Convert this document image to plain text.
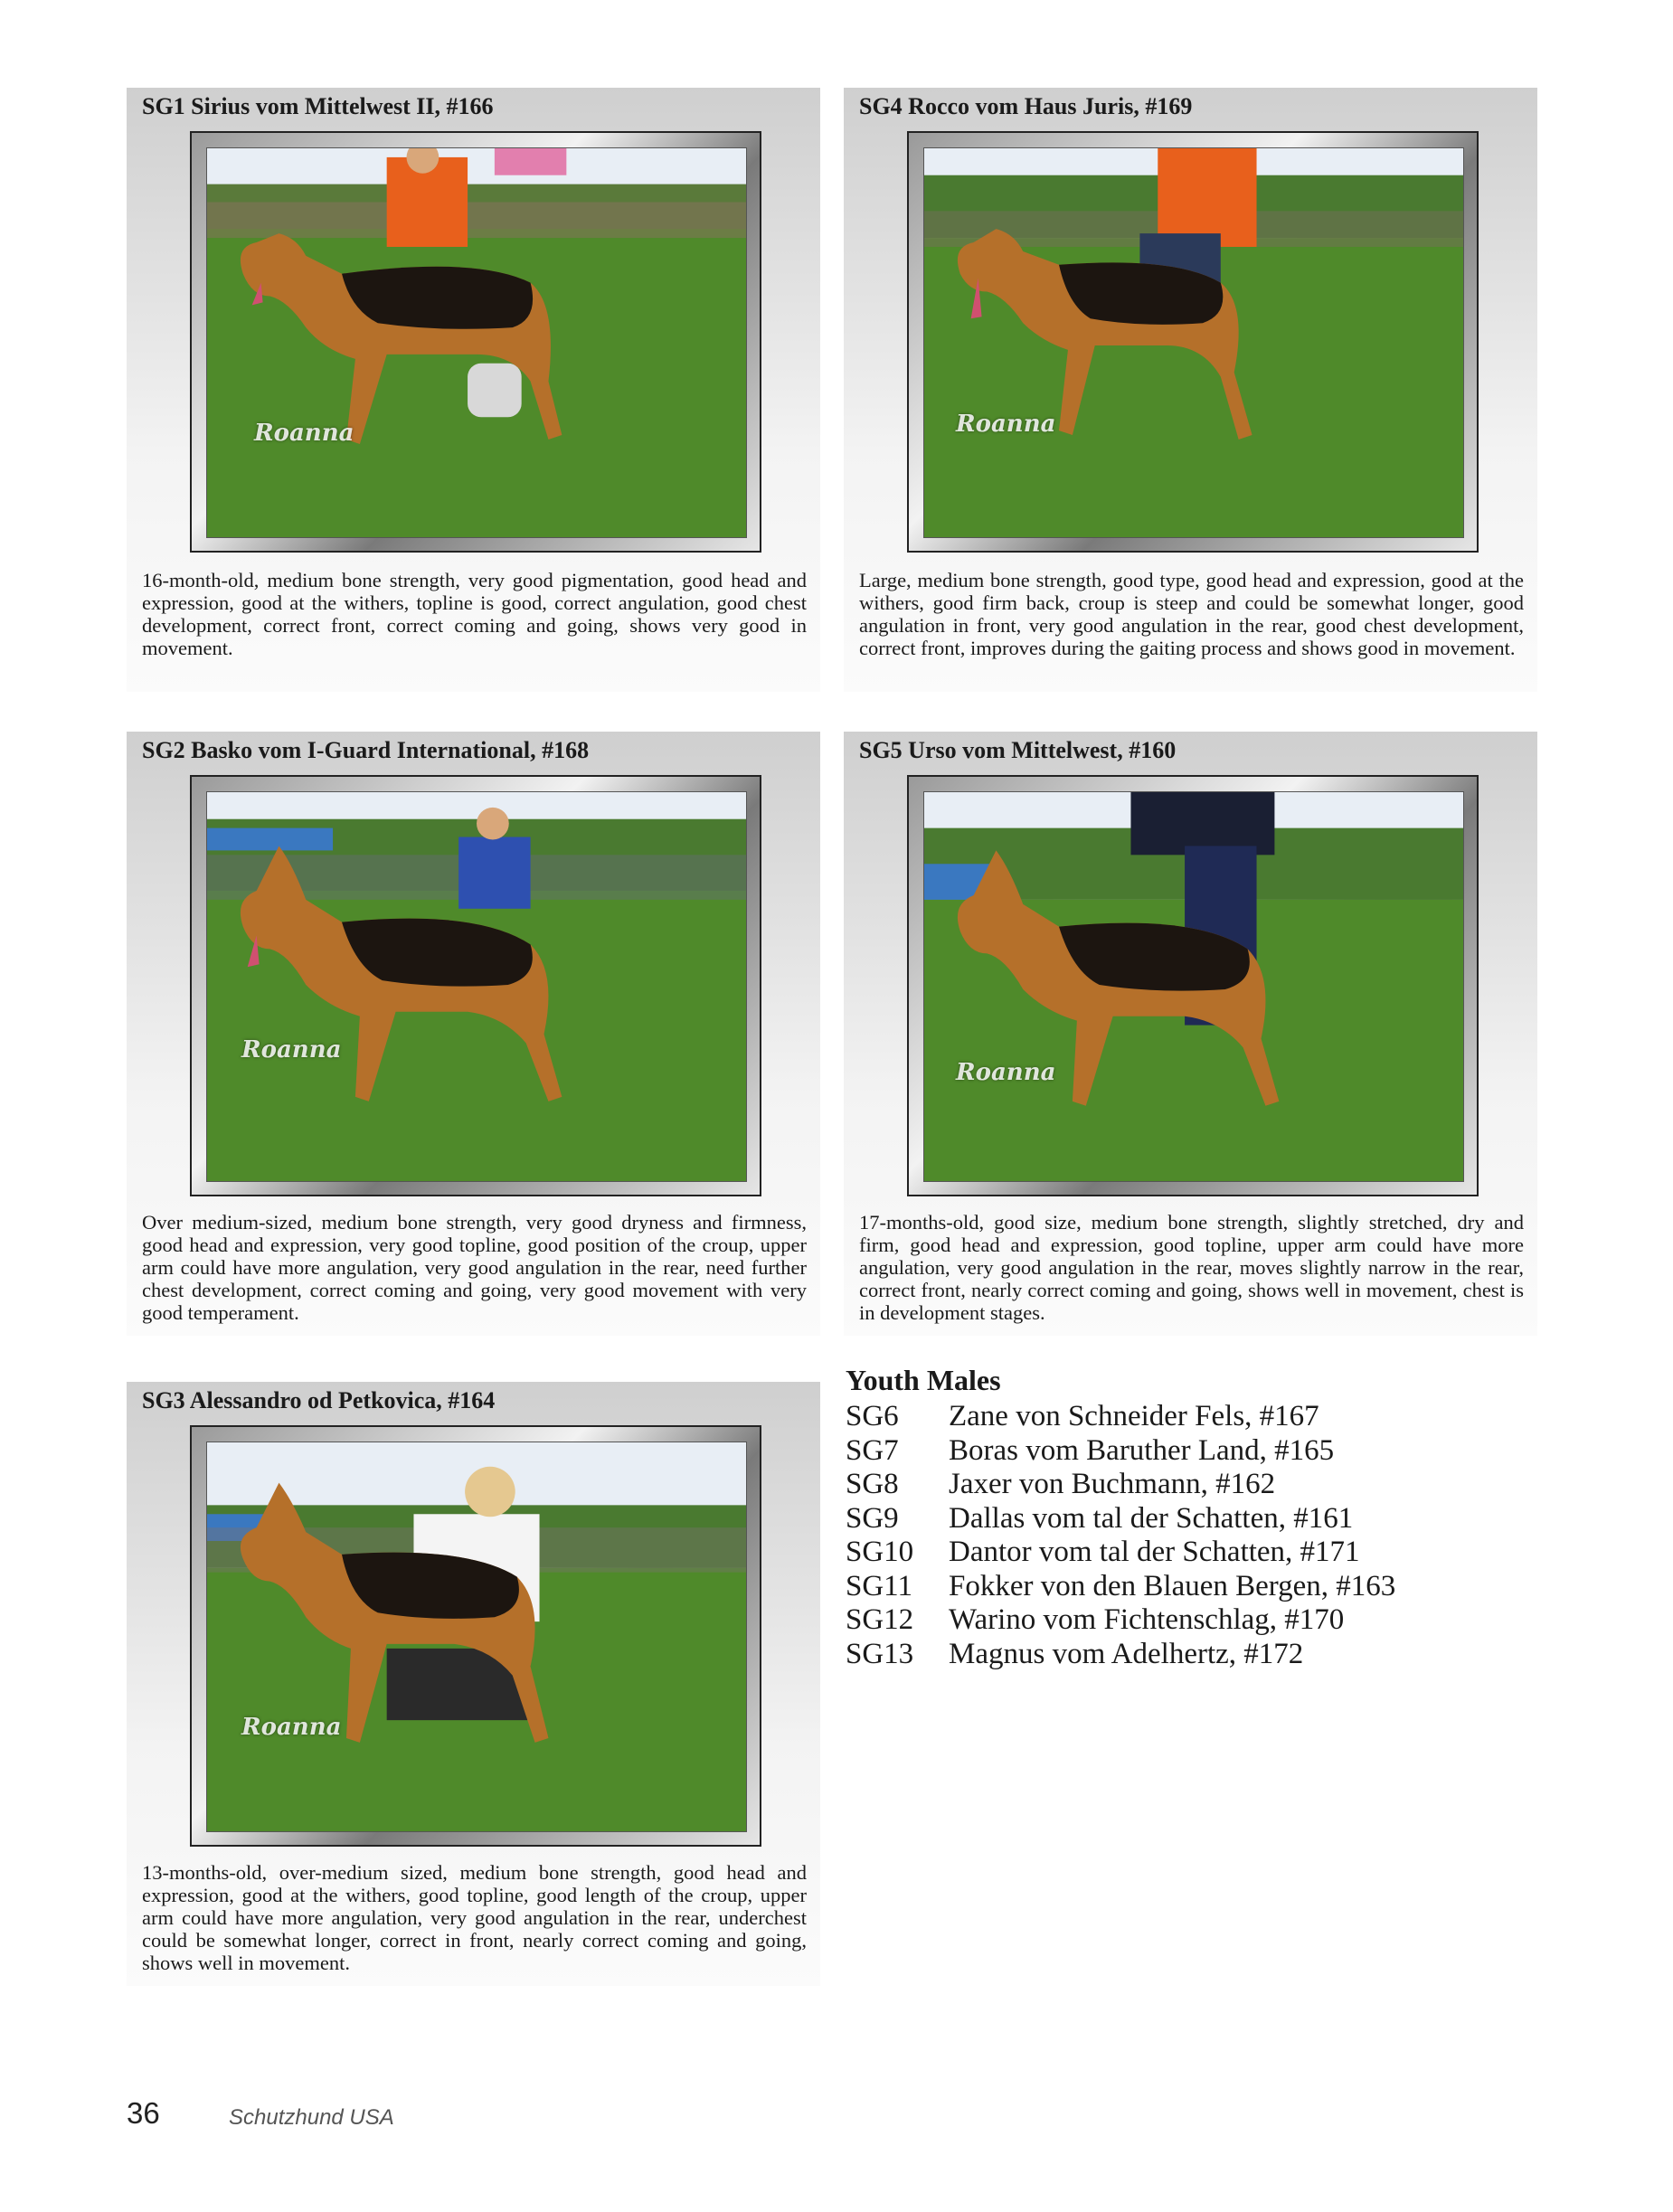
SG1 Sirius vom Mittelwest II, #166
Roanna
16-month-old, medium bone strength, very good pigmentation, good head and expression, good at the withers, topline is good, correct angulation, good chest development, correct front, correct coming and going, shows very good in movement.
SG4 Rocco vom Haus Juris, #169
Roanna
Large, medium bone strength, good type, good head and expression, good at the withers, good firm back, croup is steep and could be somewhat longer, good angulation in front, very good angulation in the rear, good chest development, correct front, improves during the gaiting process and shows good in movement.
SG2 Basko vom I-Guard International, #168
Roanna
Over medium-sized, medium bone strength, very good dryness and firmness, good head and expression, very good topline, good position of the croup, upper arm could have more angulation, very good angulation in the rear, need further chest development, correct coming and going, very good movement with very good temperament.
SG5 Urso vom Mittelwest, #160
Roanna
17-months-old, good size, medium bone strength, slightly stretched, dry and firm, good head and expression, good topline, upper arm could have more angulation, very good angulation in the rear, moves slightly narrow in the rear, correct front, nearly correct coming and going, shows well in movement, chest is in development stages.
SG3 Alessandro od Petkovica, #164
Roanna
13-months-old, over-medium sized, medium bone strength, good head and expression, good at the withers, good topline, good length of the croup, upper arm could have more angulation, very good angulation in the rear, underchest could be somewhat longer, correct in front, nearly correct coming and going, shows well in movement.
Youth Males
SG6	Zane von Schneider Fels, #167
SG7	Boras vom Baruther Land, #165
SG8	Jaxer von Buchmann, #162
SG9	Dallas vom tal der Schatten, #161
SG10	Dantor vom tal der Schatten, #171
SG11	Fokker von den Blauen Bergen, #163
SG12	Warino vom Fichtenschlag, #170
SG13	Magnus vom Adelhertz, #172
36	Schutzhund USA
